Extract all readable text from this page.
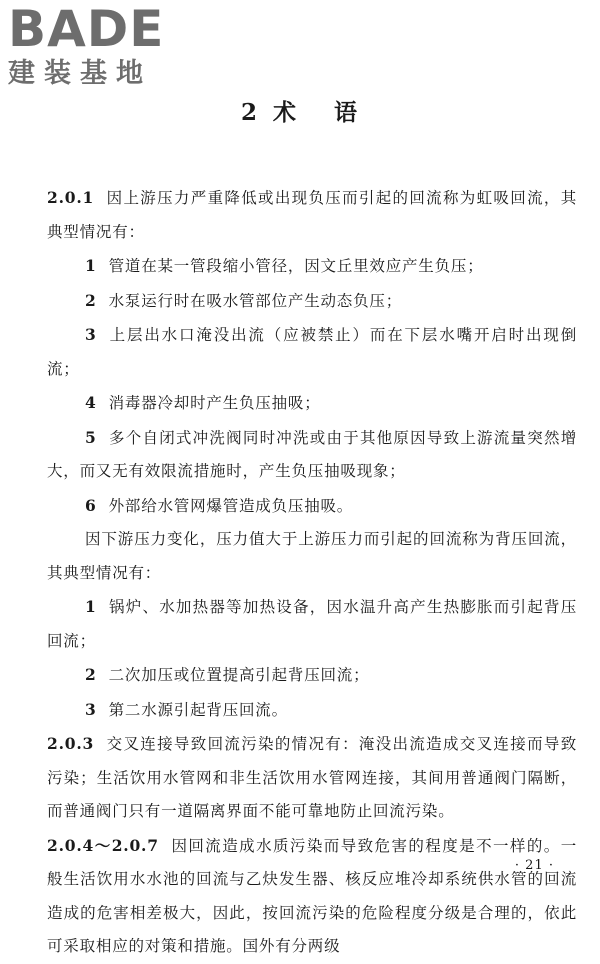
BADE
建装基地
2 术 语

2.0.1 因上游压力严重降低或出现负压而引起的回流称为虹吸回流，其典型情况有：

1 管道在某一管段缩小管径，因文丘里效应产生负压；

2 水泵运行时在吸水管部位产生动态负压；

3 上层出水口淹没出流（应被禁止）而在下层水嘴开启时出现倒流；

4 消毒器冷却时产生负压抽吸；

5 多个自闭式冲洗阀同时冲洗或由于其他原因导致上游流量突然增大，而又无有效限流措施时，产生负压抽吸现象；

6 外部给水管网爆管造成负压抽吸。

因下游压力变化，压力值大于上游压力而引起的回流称为背压回流，其典型情况有：

1 锅炉、水加热器等加热设备，因水温升高产生热膨胀而引起背压回流；

2 二次加压或位置提高引起背压回流；

3 第二水源引起背压回流。

2.0.3 交叉连接导致回流污染的情况有：淹没出流造成交叉连接而导致污染；生活饮用水管网和非生活饮用水管网连接，其间用普通阀门隔断，而普通阀门只有一道隔离界面不能可靠地防止回流污染。

2.0.4～2.0.7 因回流造成水质污染而导致危害的程度是不一样的。一般生活饮用水水池的回流与乙炔发生器、核反应堆冷却系统供水管的回流造成的危害相差极大，因此，按回流污染的危险程度分级是合理的，依此可采取相应的对策和措施。国外有分两级

· 21 ·
